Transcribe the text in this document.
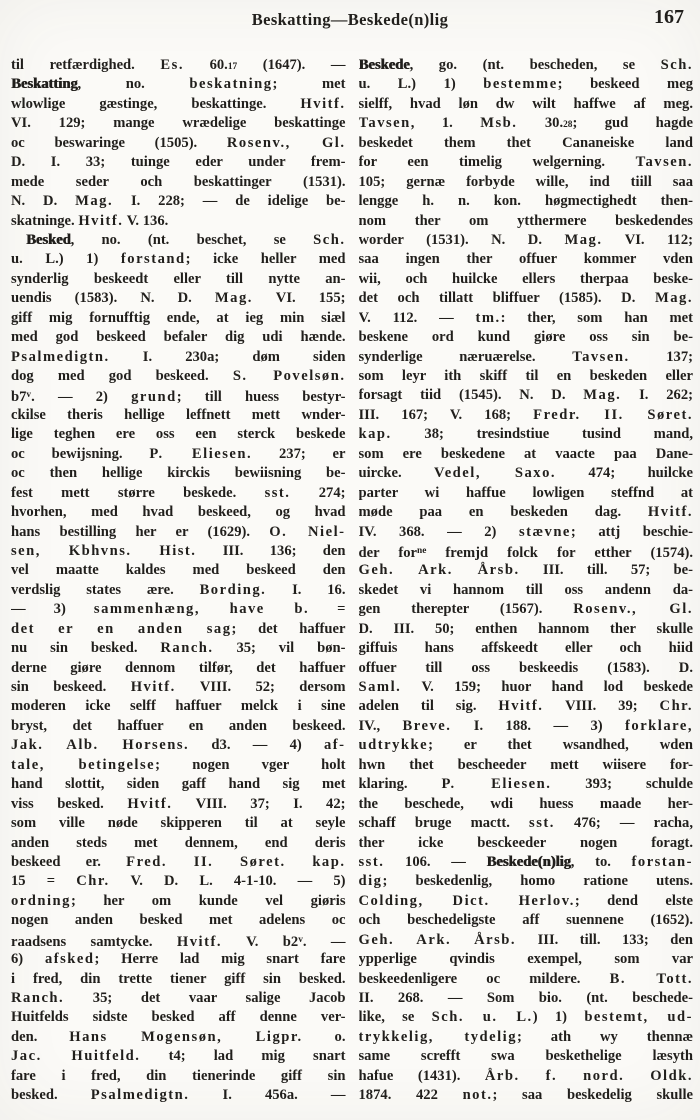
Beskatting—Beskede(n)lig	167
til retfærdighed. Es. 60.17 (1647). —
Beskatting, no. beskatning; met
wlowlige gæstinge, beskattinge. Hvitf.
VI. 129; mange wrædelige beskattinge
oc beswaringe (1505). Rosenv., Gl.
D. I. 33; tuinge eder under frem-
mede seder och beskattinger (1531).
N. D. Mag. I. 228; — de idelige be-
skatninge. Hvitf. V. 136.
Besked, no. (nt. beschet, se Sch.
u. L.) 1) forstand; icke heller med
synderlig beskeedt eller till nytte an-
uendis (1583). N. D. Mag. VI. 155;
giff mig fornufftig ende, at ieg min siæl
med god beskeed befaler dig udi hænde.
Psalmedigtn. I. 230a; døm siden
dog med god beskeed. S. Povelsøn.
b7$^v$. — 2) grund; till huess bestyr-
ckilse theris hellige leffnett mett wnder-
lige teghen ere oss een sterck beskede
oc bewijsning. P. Eliesen. 237; er
oc then hellige kirckis bewiisning be-
fest mett større beskede. sst. 274;
hvorhen, med hvad beskeed, og hvad
hans bestilling her er (1629). O. Niel-
sen, Kbhvns. Hist. III. 136; den
vel maatte kaldes med beskeed den
verdslig states ære. Bording. I. 16.
— 3) sammenhæng, have b. =
det er en anden sag; det haffuer
nu sin besked. Ranch. 35; vil bøn-
derne giøre dennom tilfør, det haffuer
sin beskeed. Hvitf. VIII. 52; dersom
moderen icke selff haffuer melck i sine
bryst, det haffuer en anden beskeed.
Jak. Alb. Horsens. d3. — 4) af-
tale, betingelse; nogen vger holt
hand slottit, siden gaff hand sig met
viss besked. Hvitf. VIII. 37; I. 42;
som ville nøde skipperen til at seyle
anden steds met dennem, end deris
beskeed er. Fred. II. Søret. kap.
15 = Chr. V. D. L. 4-1-10. — 5)
ordning; her om kunde vel giøris
nogen anden besked met adelens oc
raadsens samtycke. Hvitf. V. b2$^v$. —
6) afsked; Herre lad mig snart fare
i fred, din trette tiener giff sin besked.
Ranch. 35; det vaar salige Jacob
Huitfelds sidste besked aff denne ver-
den. Hans Mogensøn, Ligpr. o.
Jac. Huitfeld. t4; lad mig snart
fare i fred, din tienerinde giff sin
besked. Psalmedigtn. I. 456a. —
Beskede, go. (nt. bescheden, se Sch.
u. L.) 1) bestemme; beskeed meg
sielff, hvad løn dw wilt haffwe af meg.
Tavsen, 1. Msb. 30.28; gud hagde
beskedet them thet Cananeiske land
for een timelig welgerning. Tavsen.
105; gernæ forbyde wille, ind tiill saa
lengge h. n. kon. høgmectighedt then-
nom ther om ytthermere beskedendes
worder (1531). N. D. Mag. VI. 112;
saa ingen ther offuer kommer vden
wii, och huilcke ellers therpaa beske-
det och tillatt bliffuer (1585). D. Mag.
V. 112. — tm.: ther, som han met
beskene ord kund giøre oss sin be-
synderlige næruærelse. Tavsen. 137;
som leyr ith skiff til en beskeden eller
forsagt tiid (1545). N. D. Mag. I. 262;
III. 167; V. 168; Fredr. II. Søret.
kap. 38; tresindstiue tusind mand,
som ere beskedene at vaacte paa Dane-
uircke. Vedel, Saxo. 474; huilcke
parter wi haffue lowligen steffnd at
møde paa en beskeden dag. Hvitf.
IV. 368. — 2) stævne; attj beschie-
der for$^{ne}$ fremjd folck for etther (1574).
Geh. Ark. Årsb. III. till. 57; be-
skedet vi hannom till oss andenn da-
gen therepter (1567). Rosenv., Gl.
D. III. 50; enthen hannom ther skulle
giffuis hans affskeedt eller och hiid
offuer till oss beskeedis (1583). D.
Saml. V. 159; huor hand lod beskede
adelen til sig. Hvitf. VIII. 39; Chr.
IV., Breve. I. 188. — 3) forklare,
udtrykke; er thet wsandhed, wden
hwn thet bescheeder mett wiisere for-
klaring. P. Eliesen. 393; schulde
the beschede, wdi huess maade her-
schaff bruge mactt. sst. 476; — racha,
ther icke besckeeder nogen foragt.
sst. 106. — Beskede(n)lig, to. forstan-
dig; beskedenlig, homo ratione utens.
Colding, Dict. Herlov.; dend elste
och beschedeligste aff suennene (1652).
Geh. Ark. Årsb. III. till. 133; den
ypperlige qvindis exempel, som var
beskeedenligere oc mildere. B. Tott.
II. 268. — Som bio. (nt. beschede-
like, se Sch. u. L.) 1) bestemt, ud-
trykkelig, tydelig; ath wy thennæ
same screfft swa beskethelige læsyth
hafue (1431). Årb. f. nord. Oldk.
1874. 422 not.; saa beskedelig skulle
